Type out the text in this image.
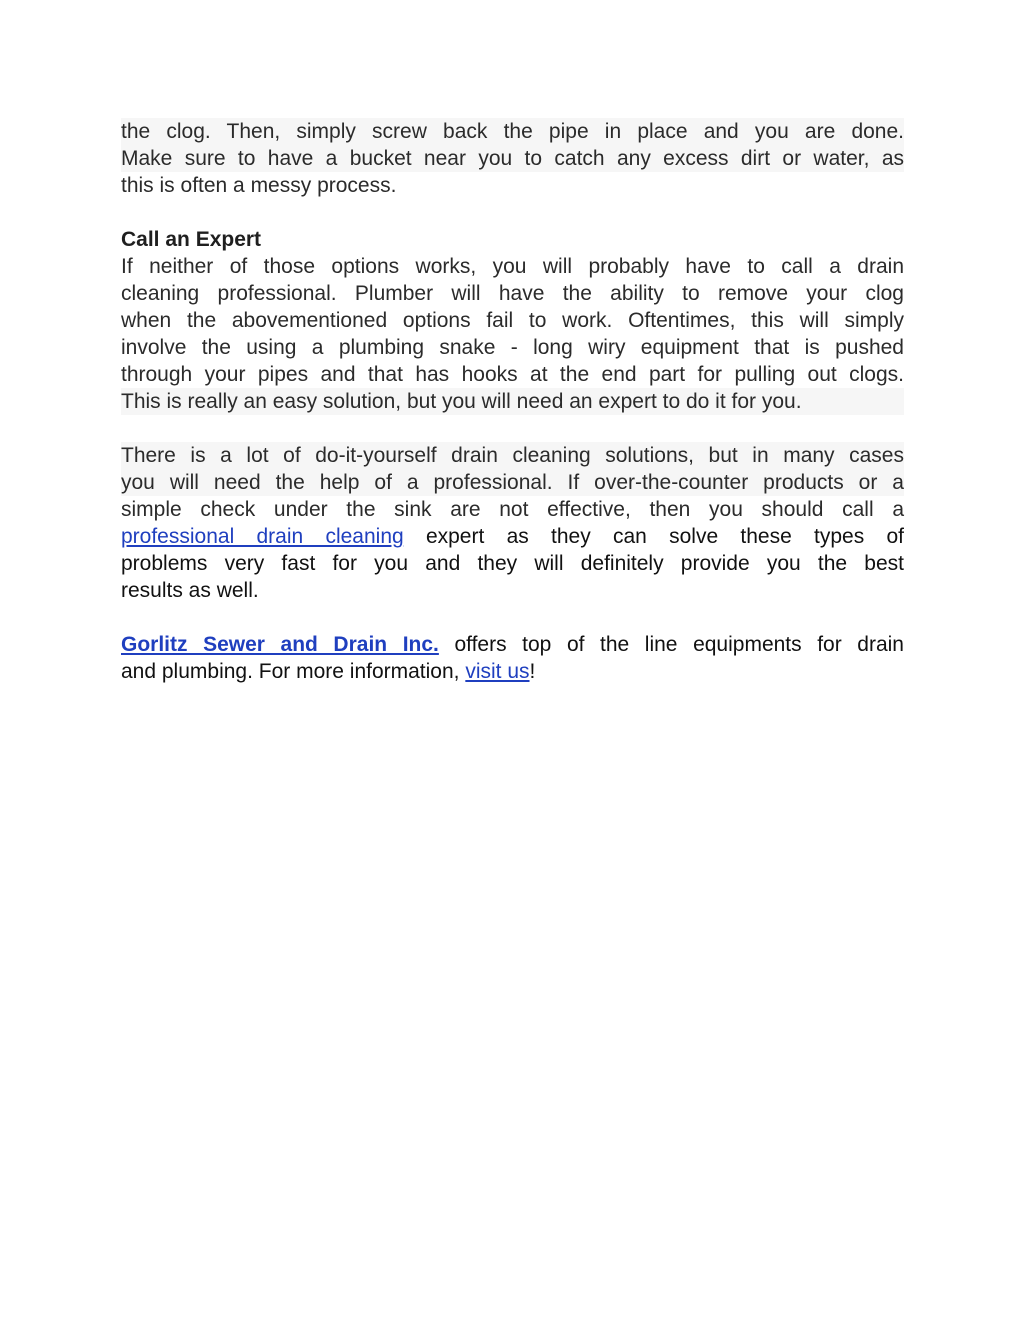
the clog. Then, simply screw back the pipe in place and you are done.
Make sure to have a bucket near you to catch any excess dirt or water, as
this is often a messy process.
Call an Expert
If neither of those options works, you will probably have to call a drain
cleaning professional. Plumber will have the ability to remove your clog
when the abovementioned options fail to work. Oftentimes, this will simply
involve the using a plumbing snake - long wiry equipment that is pushed
through your pipes and that has hooks at the end part for pulling out clogs.
This is really an easy solution, but you will need an expert to do it for you.
There is a lot of do-it-yourself drain cleaning solutions, but in many cases
you will need the help of a professional. If over-the-counter products or a
simple check under the sink are not effective, then you should call a
professional drain cleaning expert as they can solve these types of
problems very fast for you and they will definitely provide you the best
results as well.
Gorlitz Sewer and Drain Inc. offers top of the line equipments for drain
and plumbing. For more information, visit us!
